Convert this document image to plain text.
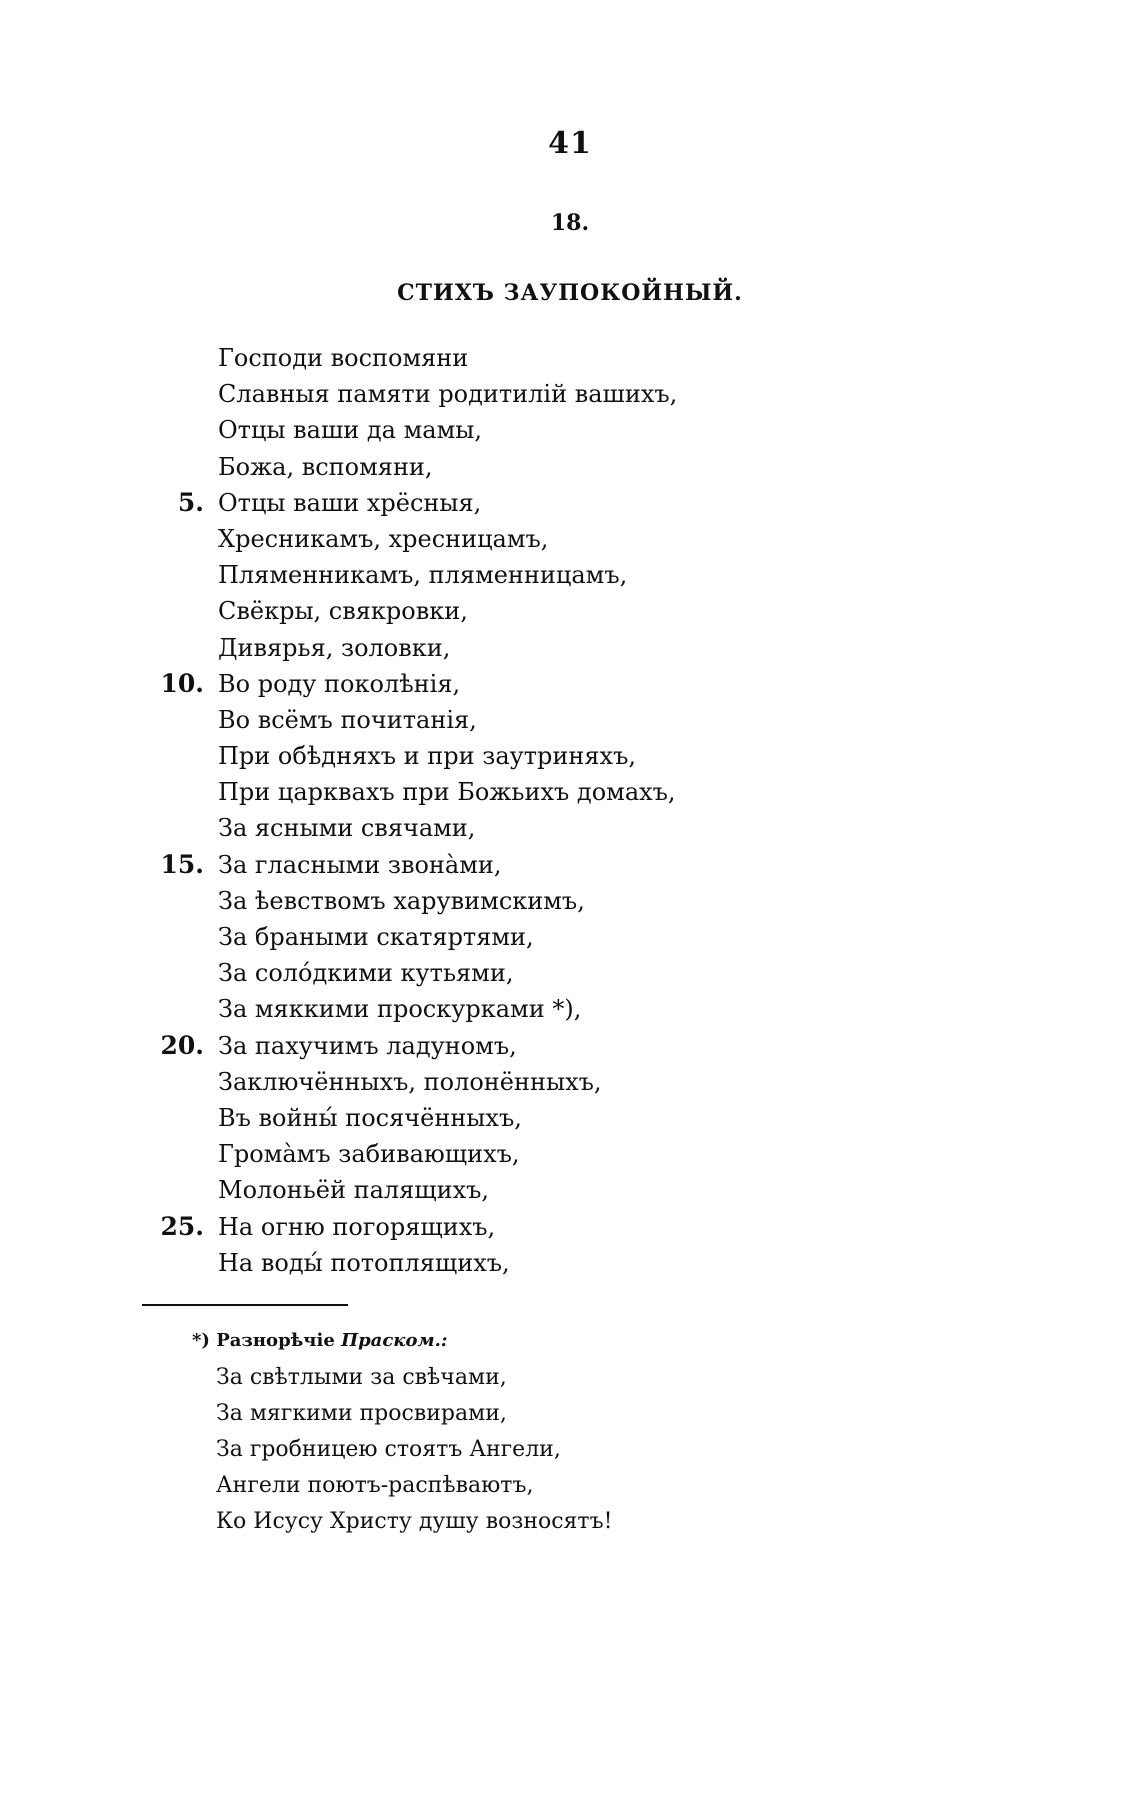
41
18.
СТИХЪ ЗАУПОКОЙНЫЙ.
Господи воспомяни
Славныя памяти родитилій вашихъ,
Отцы ваши да мамы,
Божа, вспомяни,
5. Отцы ваши хрёсныя,
Хресникамъ, хресницамъ,
Пляменникамъ, пляменницамъ,
Свёкры, свякровки,
Дивярья, золовки,
10. Во роду поколѣнія,
Во всёмъ почитанія,
При обѣдняхъ и при заутриняхъ,
При царквахъ при Божьихъ домахъ,
За ясными свячами,
15. За гласными звонàми,
За ѣевствомъ харувимскимъ,
За браными скатяртями,
За солóдкими кутьями,
За мяккими проскурками *),
20. За пахучимъ ладуномъ,
Заключённыхъ, полонённыхъ,
Въ войны́ посячённыхъ,
Громàмъ забивающихъ,
Молоньёй палящихъ,
25. На огню погорящихъ,
На воды́ потоплящихъ,
*) Разнорѣчіе Праском.:
За свѣтлыми за свѣчами,
За мягкими просвирами,
За гробницею стоятъ Ангели,
Ангели поютъ-распѣваютъ,
Ко Исусу Христу душу возносятъ!
